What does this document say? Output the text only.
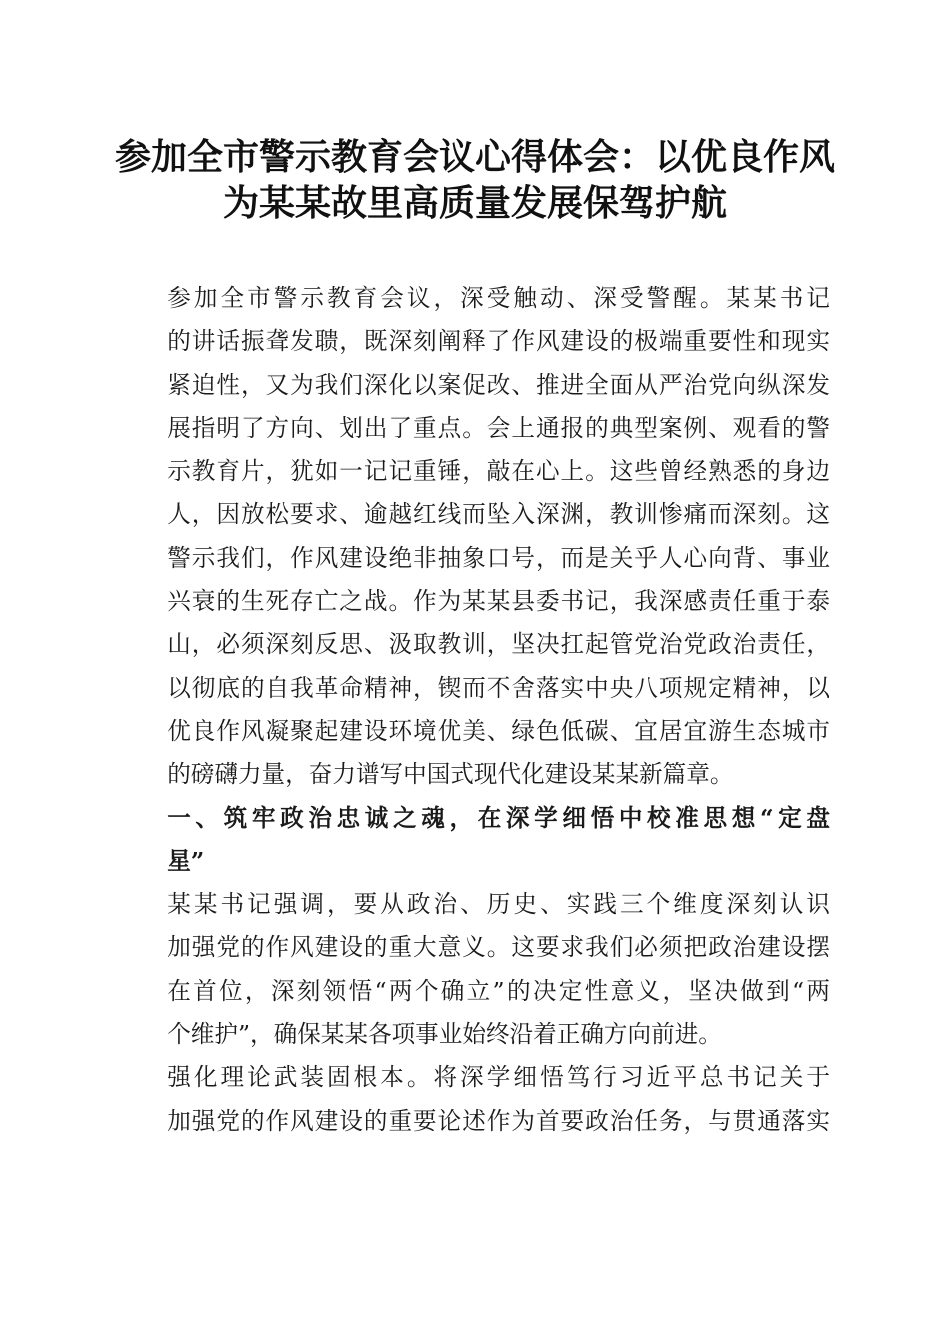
参加全市警示教育会议心得体会：以优良作风
为某某故里高质量发展保驾护航

参加全市警示教育会议，深受触动、深受警醒。某某书记
的讲话振聋发聩，既深刻阐释了作风建设的极端重要性和现实
紧迫性，又为我们深化以案促改、推进全面从严治党向纵深发
展指明了方向、划出了重点。会上通报的典型案例、观看的警
示教育片，犹如一记记重锤，敲在心上。这些曾经熟悉的身边
人，因放松要求、逾越红线而坠入深渊，教训惨痛而深刻。这
警示我们，作风建设绝非抽象口号，而是关乎人心向背、事业
兴衰的生死存亡之战。作为某某县委书记，我深感责任重于泰
山，必须深刻反思、汲取教训，坚决扛起管党治党政治责任，
以彻底的自我革命精神，锲而不舍落实中央八项规定精神，以
优良作风凝聚起建设环境优美、绿色低碳、宜居宜游生态城市
的磅礴力量，奋力谱写中国式现代化建设某某新篇章。

一、筑牢政治忠诚之魂，在深学细悟中校准思想“定盘
星”

某某书记强调，要从政治、历史、实践三个维度深刻认识
加强党的作风建设的重大意义。这要求我们必须把政治建设摆
在首位，深刻领悟“两个确立”的决定性意义，坚决做到“两
个维护”，确保某某各项事业始终沿着正确方向前进。

强化理论武装固根本。将深学细悟笃行习近平总书记关于
加强党的作风建设的重要论述作为首要政治任务，与贯通落实
